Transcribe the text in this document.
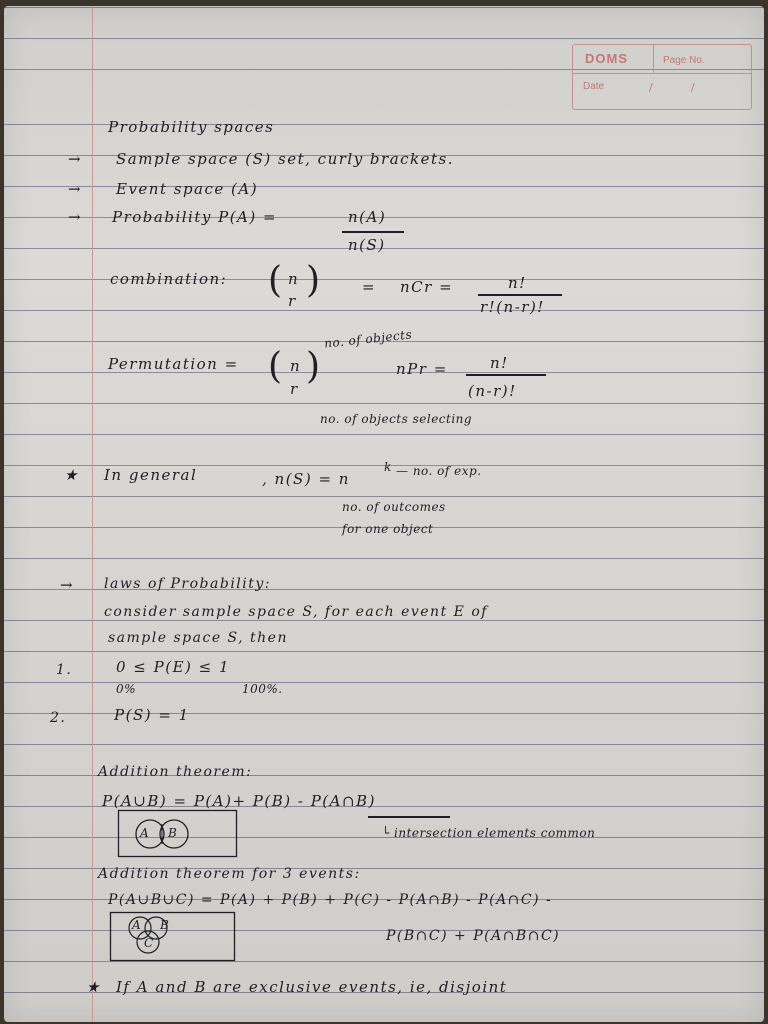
DOMS	Page No.
Date	/	/
Probability spaces
→ Sample space (S) set, curly brackets.
→ Event space (A)
→ Probability P(A) =	n(A)
n(S)
combination: ( n
r )	= nCr =	n!
r!(n-r)!
no. of objects
Permutation = ( n
r
)	nPr =	n!
(n-r)!
no. of objects selecting
★ In general	, n(S) = n
k — no. of exp.
no. of outcomes
for one object
→ laws of Probability:
consider sample space S, for each event E of
sample space S, then
1.	0 ≤ P(E) ≤ 1
0%	100%.
2.	P(S) = 1
Addition theorem:
P(A∪B) = P(A)+ P(B) - P(A∩B)
└ intersection elements common
A B
Addition theorem for 3 events:
P(A∪B∪C) = P(A) + P(B) + P(C) - P(A∩B) - P(A∩C) -
P(B∩C) + P(A∩B∩C)
A B
C
★ If A and B are exclusive events, ie, disjoint
